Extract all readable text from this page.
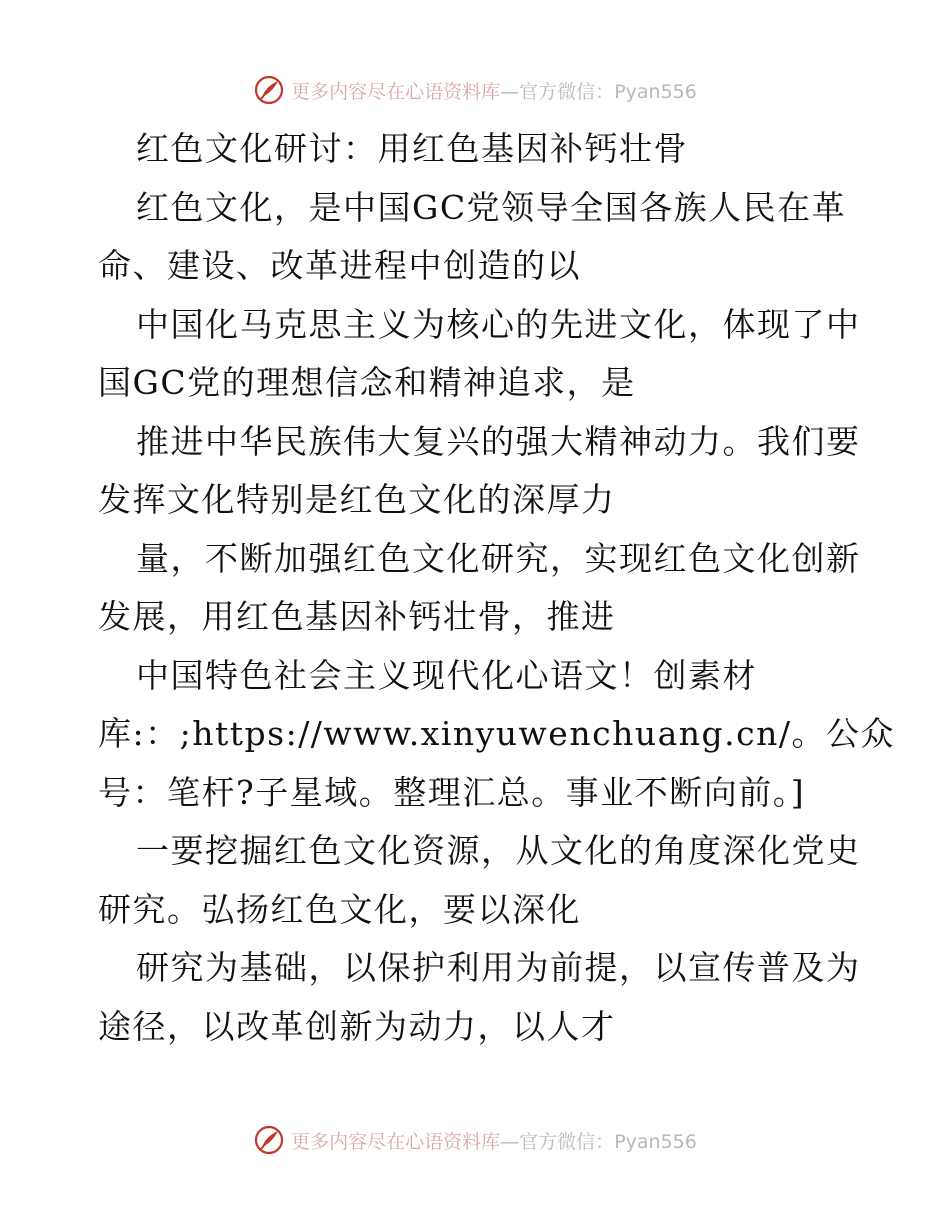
更多内容尽在心语资料库—官方微信：Pyan556
红色文化研讨：用红色基因补钙壮骨
红色文化，是中国GC党领导全国各族人民在革
命、建设、改革进程中创造的以
中国化马克思主义为核心的先进文化，体现了中
国GC党的理想信念和精神追求，是
推进中华民族伟大复兴的强大精神动力。我们要
发挥文化特别是红色文化的深厚力
量，不断加强红色文化研究，实现红色文化创新
发展，用红色基因补钙壮骨，推进
中国特色社会主义现代化心语文！创素材
库:：;https://www.xinyuwenchuang.cn/。公众
号：笔杆?子星域。整理汇总。事业不断向前。]
一要挖掘红色文化资源，从文化的角度深化党史
研究。弘扬红色文化，要以深化
研究为基础，以保护利用为前提，以宣传普及为
途径，以改革创新为动力，以人才
更多内容尽在心语资料库—官方微信：Pyan556
